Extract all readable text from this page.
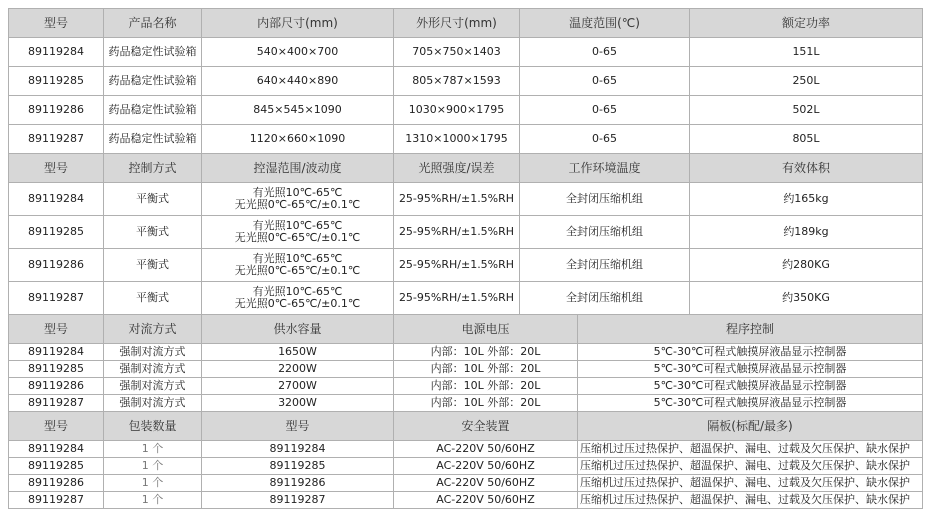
型号	产品名称	内部尺寸(mm)	外形尺寸(mm)	温度范围(℃)		额定功率
89119284	药品稳定性试验箱	540×400×700	705×750×1403	0-65		151L
89119285	药品稳定性试验箱	640×440×890	805×787×1593	0-65		250L
89119286	药品稳定性试验箱	845×545×1090	1030×900×1795	0-65		502L
89119287	药品稳定性试验箱	1120×660×1090	1310×1000×1795	0-65		805L
型号	控制方式	控湿范围/波动度	光照强度/误差	工作环境温度		有效体积
89119284	平衡式	有光照10℃-65℃
无光照0℃-65℃/±0.1℃	25-95%RH/±1.5%RH	全封闭压缩机组		约165kg
89119285	平衡式	有光照10℃-65℃
无光照0℃-65℃/±0.1℃	25-95%RH/±1.5%RH	全封闭压缩机组		约189kg
89119286	平衡式	有光照10℃-65℃
无光照0℃-65℃/±0.1℃	25-95%RH/±1.5%RH	全封闭压缩机组		约280KG
89119287	平衡式	有光照10℃-65℃
无光照0℃-65℃/±0.1℃	25-95%RH/±1.5%RH	全封闭压缩机组		约350KG
型号	对流方式	供水容量	电源电压		程序控制	
89119284	强制对流方式	1650W	内部：10L 外部：20L		5℃-30℃可程式触摸屏液晶显示控制器	
89119285	强制对流方式	2200W	内部：10L 外部：20L		5℃-30℃可程式触摸屏液晶显示控制器	
89119286	强制对流方式	2700W	内部：10L 外部：20L		5℃-30℃可程式触摸屏液晶显示控制器	
89119287	强制对流方式	3200W	内部：10L 外部：20L		5℃-30℃可程式触摸屏液晶显示控制器	
型号	包装数量	型号	安全装置		隔板(标配/最多)	
89119284	1 个	89119284	AC-220V 50/60HZ		压缩机过压过热保护、超温保护、漏电、过载及欠压保护、缺水保护	
89119285	1 个	89119285	AC-220V 50/60HZ		压缩机过压过热保护、超温保护、漏电、过载及欠压保护、缺水保护	
89119286	1 个	89119286	AC-220V 50/60HZ		压缩机过压过热保护、超温保护、漏电、过载及欠压保护、缺水保护	
89119287	1 个	89119287	AC-220V 50/60HZ		压缩机过压过热保护、超温保护、漏电、过载及欠压保护、缺水保护	
